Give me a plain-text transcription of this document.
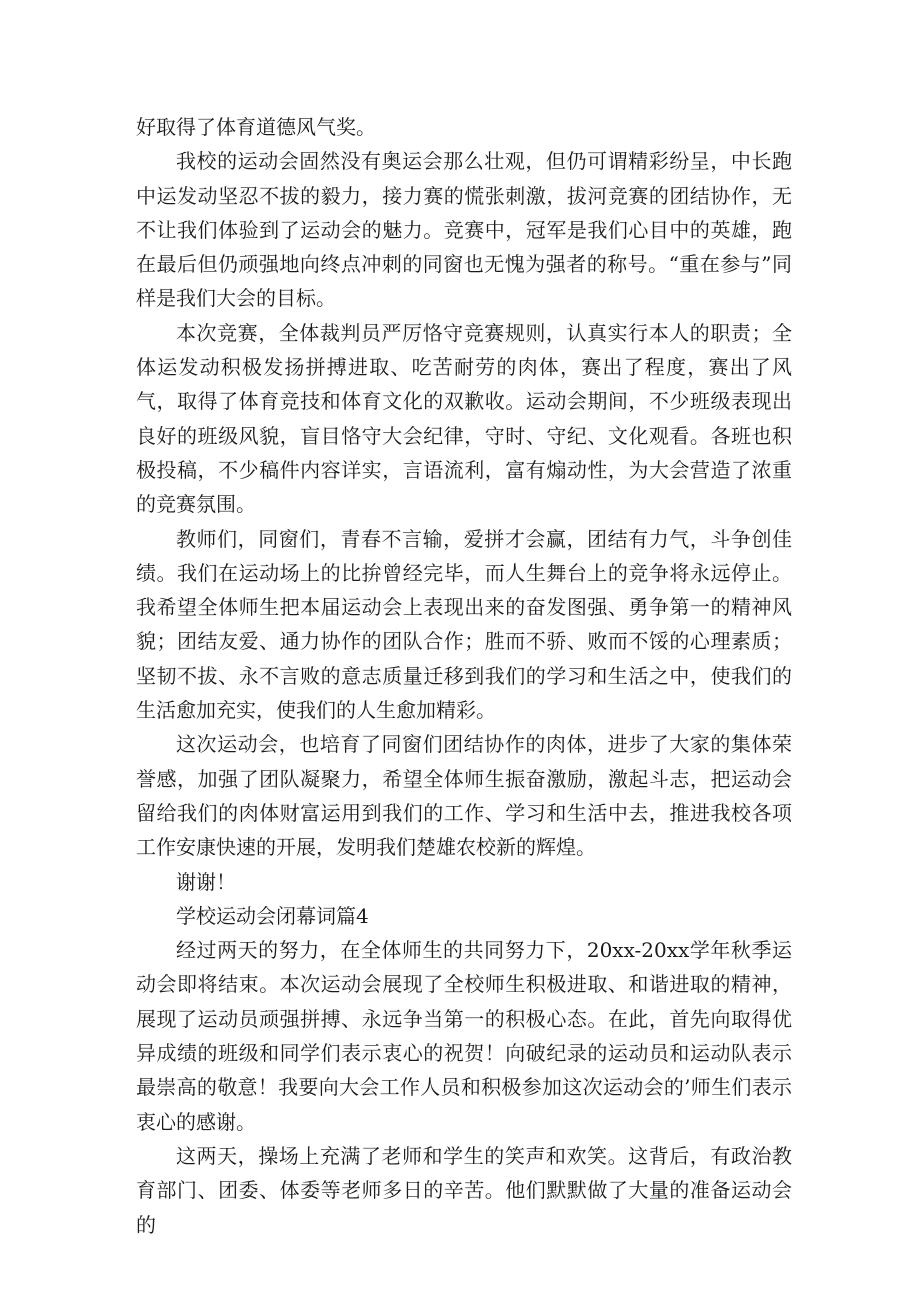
好取得了体育道德风气奖。

我校的运动会固然没有奥运会那么壮观，但仍可谓精彩纷呈，中长跑中运发动坚忍不拔的毅力，接力赛的慌张刺激，拔河竞赛的团结协作，无不让我们体验到了运动会的魅力。竞赛中，冠军是我们心目中的英雄，跑在最后但仍顽强地向终点冲刺的同窗也无愧为强者的称号。“重在参与”同样是我们大会的目标。

本次竞赛，全体裁判员严厉恪守竞赛规则，认真实行本人的职责；全体运发动积极发扬拼搏进取、吃苦耐劳的肉体，赛出了程度，赛出了风气，取得了体育竞技和体育文化的双歉收。运动会期间，不少班级表现出良好的班级风貌，盲目恪守大会纪律，守时、守纪、文化观看。各班也积极投稿，不少稿件内容详实，言语流利，富有煽动性，为大会营造了浓重的竞赛氛围。

教师们，同窗们，青春不言输，爱拼才会赢，团结有力气，斗争创佳绩。我们在运动场上的比拚曾经完毕，而人生舞台上的竞争将永远停止。我希望全体师生把本届运动会上表现出来的奋发图强、勇争第一的精神风貌；团结友爱、通力协作的团队合作；胜而不骄、败而不馁的心理素质；坚韧不拔、永不言败的意志质量迁移到我们的学习和生活之中，使我们的生活愈加充实，使我们的人生愈加精彩。

这次运动会，也培育了同窗们团结协作的肉体，进步了大家的集体荣誉感，加强了团队凝聚力，希望全体师生振奋激励，激起斗志，把运动会留给我们的肉体财富运用到我们的工作、学习和生活中去，推进我校各项工作安康快速的开展，发明我们楚雄农校新的辉煌。

谢谢！

学校运动会闭幕词篇4

经过两天的努力，在全体师生的共同努力下，20xx-20xx学年秋季运动会即将结束。本次运动会展现了全校师生积极进取、和谐进取的精神，展现了运动员顽强拼搏、永远争当第一的积极心态。在此，首先向取得优异成绩的班级和同学们表示衷心的祝贺！向破纪录的运动员和运动队表示最崇高的敬意！我要向大会工作人员和积极参加这次运动会的’师生们表示衷心的感谢。

这两天，操场上充满了老师和学生的笑声和欢笑。这背后，有政治教育部门、团委、体委等老师多日的辛苦。他们默默做了大量的准备运动会的
